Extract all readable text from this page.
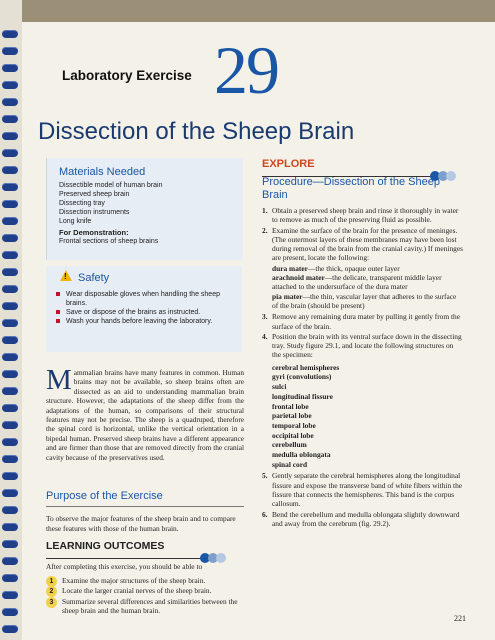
Laboratory Exercise 29
Dissection of the Sheep Brain
Materials Needed
Dissectible model of human brain
Preserved sheep brain
Dissecting tray
Dissection instruments
Long knife
For Demonstration:
Frontal sections of sheep brains
! Safety
Wear disposable gloves when handling the sheep brains.
Save or dispose of the brains as instructed.
Wash your hands before leaving the laboratory.
Mammalian brains have many features in common. Human brains may not be available, so sheep brains often are dissected as an aid to understanding mammalian brain structure. However, the adaptations of the sheep differ from the adaptations of the human, so comparisons of their structural features may not be precise. The sheep is a quadruped, therefore the spinal cord is horizontal, unlike the vertical orientation in a bipedal human. Preserved sheep brains have a different appearance and are firmer than those that are removed directly from the cranial cavity because of the preservatives used.
Purpose of the Exercise
To observe the major features of the sheep brain and to compare these features with those of the human brain.
LEARNING OUTCOMES
After completing this exercise, you should be able to
1	Examine the major structures of the sheep brain.
2	Locate the larger cranial nerves of the sheep brain.
3	Summarize several differences and similarities between the sheep brain and the human brain.
EXPLORE
Procedure—Dissection of the Sheep Brain
1. Obtain a preserved sheep brain and rinse it thoroughly in water to remove as much of the preserving fluid as possible.
2. Examine the surface of the brain for the presence of meninges. (The outermost layers of these membranes may have been lost during removal of the brain from the cranial cavity.) If meninges are present, locate the following:
dura mater—the thick, opaque outer layer
arachnoid mater—the delicate, transparent middle layer attached to the undersurface of the dura mater
pia mater—the thin, vascular layer that adheres to the surface of the brain (should be present)
3. Remove any remaining dura mater by pulling it gently from the surface of the brain.
4. Position the brain with its ventral surface down in the dissecting tray. Study figure 29.1, and locate the following structures on the specimen:
cerebral hemispheres
gyri (convolutions)
sulci
longitudinal fissure
frontal lobe
parietal lobe
temporal lobe
occipital lobe
cerebellum
medulla oblongata
spinal cord
5. Gently separate the cerebral hemispheres along the longitudinal fissure and expose the transverse band of white fibers within the fissure that connects the hemispheres. This band is the corpus callosum.
6. Bend the cerebellum and medulla oblongata slightly downward and away from the cerebrum (fig. 29.2).
221
